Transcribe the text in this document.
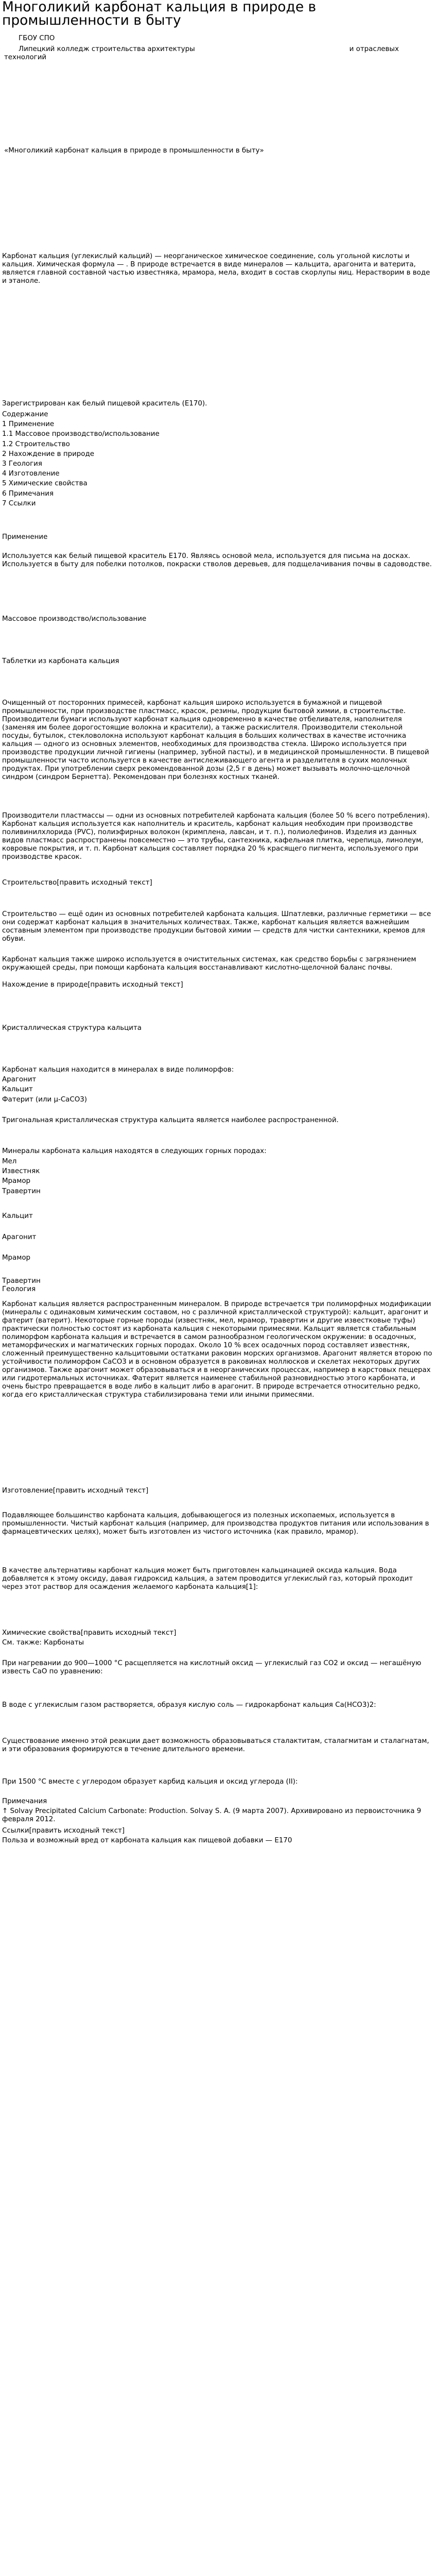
Многоликий карбонат кальция в природе в промышленности в быту
ГБОУ СПО
Липецкий колледж строительства архитектуры	и отраслевых
технологий

«Многоликий карбонат кальция в природе в промышленности в быту»

Карбонат кальция (углекислый кальций) — неорганическое химическое соединение, соль угольной кислоты и кальция. Химическая формула — . В природе встречается в виде минералов — кальцита, арагонита и ватерита, является главной составной частью известняка, мрамора, мела, входит в состав скорлупы яиц. Нерастворим в воде и этаноле.

Зарегистрирован как белый пищевой краситель (E170).

Содержание

1 Применение
1.1 Массовое производство/использование
1.2 Строительство
2 Нахождение в природе
3 Геология
4 Изготовление
5 Химические свойства
6 Примечания
7 Ссылки
Применение

Используется как белый пищевой краситель E170. Являясь основой мела, используется для письма на досках. Используется в быту для побелки потолков, покраски стволов деревьев, для подщелачивания почвы в садоводстве.

Массовое производство/использование

Таблетки из карбоната кальция

Очищенный от посторонних примесей, карбонат кальция широко используется в бумажной и пищевой промышленности, при производстве пластмасс, красок, резины, продукции бытовой химии, в строительстве. Производители бумаги используют карбонат кальция одновременно в качестве отбеливателя, наполнителя (заменяя им более дорогостоящие волокна и красители), а также раскислителя. Производители стекольной посуды, бутылок, стекловолокна используют карбонат кальция в больших количествах в качестве источника кальция — одного из основных элементов, необходимых для производства стекла. Широко используется при производстве продукции личной гигиены (например, зубной пасты), и в медицинской промышленности. В пищевой промышленности часто используется в качестве антислеживающего агента и разделителя в сухих молочных продуктах. При употреблении сверх рекомендованной дозы (2,5 г в день) может вызывать молочно-щелочной синдром (синдром Бернетта). Рекомендован при болезнях костных тканей.

Производители пластмассы — одни из основных потребителей карбоната кальция (более 50 % всего потребления). Карбонат кальция используется как наполнитель и краситель, карбонат кальция необходим при производстве поливинилхлорида (PVC), полиэфирных волокон (кримпленa, лавсан, и т. п.), полиолефинов. Изделия из данных видов пластмасс распространены повсеместно — это трубы, сантехника, кафельная плитка, черепица, линолеум, ковровые покрытия, и т. п. Карбонат кальция составляет порядка 20 % красящего пигмента, используемого при производстве красок.

Строительство[править исходный текст]

Строительство — ещё один из основных потребителей карбоната кальция. Шпатлевки, различные герметики — все они содержат карбонат кальция в значительных количествах. Также, карбонат кальция является важнейшим составным элементом при производстве продукции бытовой химии — средств для чистки сантехники, кремов для обуви.

Карбонат кальция также широко используется в очистительных системах, как средство борьбы с загрязнением окружающей среды, при помощи карбоната кальция восстанавливают кислотно-щелочной баланс почвы.

Нахождение в природе[править исходный текст]

Кристаллическая структура кальцита

Карбонат кальция находится в минералах в виде полиморфов:

Арагонит

Кальцит

Фатерит (или μ-CaCO3)

Тригональная кристаллическая структура кальцита является наиболее распространенной.

Минералы карбоната кальция находятся в следующих горных породах:

Мел

Известняк

Мрамор

Травертин

Кальцит

Арагонит

Мрамор

Травертин

Геология

Карбонат кальция является распространенным минералом. В природе встречается три полиморфных модификации (минералы с одинаковым химическим составом, но с различной кристаллической структурой): кальцит, арагонит и фатерит (ватерит). Некоторые горные породы (известняк, мел, мрамор, травертин и другие известковые туфы) практически полностью состоят из карбоната кальция с некоторыми примесями. Кальцит является стабильным полиморфом карбоната кальция и встречается в самом разнообразном геологическом окружении: в осадочных, метаморфических и магматических горных породах. Около 10 % всех осадочных пород составляет известняк, сложенный преимущественно кальцитовыми остатками раковин морских организмов. Арагонит является второю по устойчивости полиморфом CaCO3 и в основном образуется в раковинах моллюсков и скелетах некоторых других организмов. Также арагонит может образовываться и в неорганических процессах, например в карстовых пещерах или гидротермальных источниках. Фатерит является наименее стабильной разновидностью этого карбоната, и очень быстро превращается в воде либо в кальцит либо в арагонит. В природе встречается относительно редко, когда его кристаллическая структура стабилизирована теми или иными примесями.

Изготовление[править исходный текст]

Подавляющее большинство карбоната кальция, добывающегося из полезных ископаемых, используется в промышленности. Чистый карбонат кальция (например, для производства продуктов питания или использования в фармацевтических целях), может быть изготовлен из чистого источника (как правило, мрамор).

В качестве альтернативы карбонат кальция может быть приготовлен кальцинацией оксида кальция. Вода добавляется к этому оксиду, давая гидроксид кальция, а затем проводится углекислый газ, который проходит через этот раствор для осаждения желаемого карбоната кальция[1]:

Химические свойства[править исходный текст]
См. также: Карбонаты

При нагревании до 900—1000 °C расщепляется на кислотный оксид — углекислый газ CO2 и оксид — негашёную известь CaO по уравнению:

В воде с углекислым газом растворяется, образуя кислую соль — гидрокарбонат кальция Ca(HCO3)2:

Существование именно этой реакции дает возможность образовываться сталактитам, сталагмитам и сталагнатам, и эти образования формируются в течение длительного времени.

При 1500 °C вместе с углеродом образует карбид кальция и оксид углерода (II):

Примечания

↑ Solvay Precipitated Calcium Carbonate: Production. Solvay S. A. (9 марта 2007). Архивировано из первоисточника 9 февраля 2012.

Ссылки[править исходный текст]
Польза и возможный вред от карбоната кальция как пищевой добавки — E170
